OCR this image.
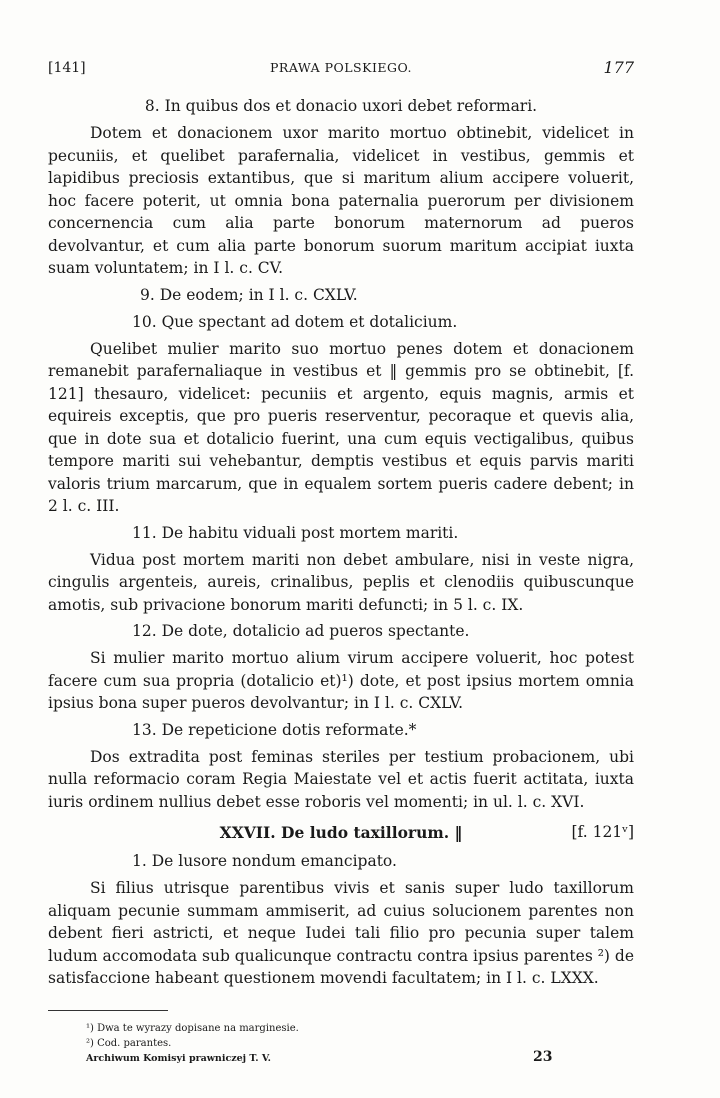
[141]	PRAWA POLSKIEGO.	177

8. In quibus dos et donacio uxori debet reformari.

Dotem et donacionem uxor marito mortuo obtinebit, videlicet in pecuniis, et quelibet parafernalia, videlicet in vestibus, gemmis et lapidibus preciosis extantibus, que si maritum alium accipere voluerit, hoc facere poterit, ut omnia bona paternalia puerorum per divisionem concernencia cum alia parte bonorum maternorum ad pueros devolvantur, et cum alia parte bonorum suorum maritum accipiat iuxta suam voluntatem; in I l. c. CV.

9. De eodem; in I l. c. CXLV.

10. Que spectant ad dotem et dotalicium.

Quelibet mulier marito suo mortuo penes dotem et donacionem remanebit parafernaliaque in vestibus et ‖ gemmis pro se obtinebit, [f. 121] thesauro, videlicet: pecuniis et argento, equis magnis, armis et equireis exceptis, que pro pueris reserventur, pecoraque et quevis alia, que in dote sua et dotalicio fuerint, una cum equis vectigalibus, quibus tempore mariti sui vehebantur, demptis vestibus et equis parvis mariti valoris trium marcarum, que in equalem sortem pueris cadere debent; in 2 l. c. III.

11. De habitu viduali post mortem mariti.

Vidua post mortem mariti non debet ambulare, nisi in veste nigra, cingulis argenteis, aureis, crinalibus, peplis et clenodiis quibuscunque amotis, sub privacione bonorum mariti defuncti; in 5 l. c. IX.

12. De dote, dotalicio ad pueros spectante.

Si mulier marito mortuo alium virum accipere voluerit, hoc potest facere cum sua propria (dotalicio et)¹) dote, et post ipsius mortem omnia ipsius bona super pueros devolvantur; in I l. c. CXLV.

13. De repeticione dotis reformate.*

Dos extradita post feminas steriles per testium probacionem, ubi nulla reformacio coram Regia Maiestate vel et actis fuerit actitata, iuxta iuris ordinem nullius debet esse roboris vel momenti; in ul. l. c. XVI.

XXVII. De ludo taxillorum. ‖	[f. 121ᵛ]

1. De lusore nondum emancipato.

Si filius utrisque parentibus vivis et sanis super ludo taxillorum aliquam pecunie summam ammiserit, ad cuius solucionem parentes non debent fieri astricti, et neque Iudei tali filio pro pecunia super talem ludum accomodata sub qualicunque contractu contra ipsius parentes ²) de satisfaccione habeant questionem movendi facultatem; in I l. c. LXXX.

¹) Dwa te wyrazy dopisane na marginesie.

²) Cod. parantes.

Archiwum Komisyi prawniczej T. V.	23
